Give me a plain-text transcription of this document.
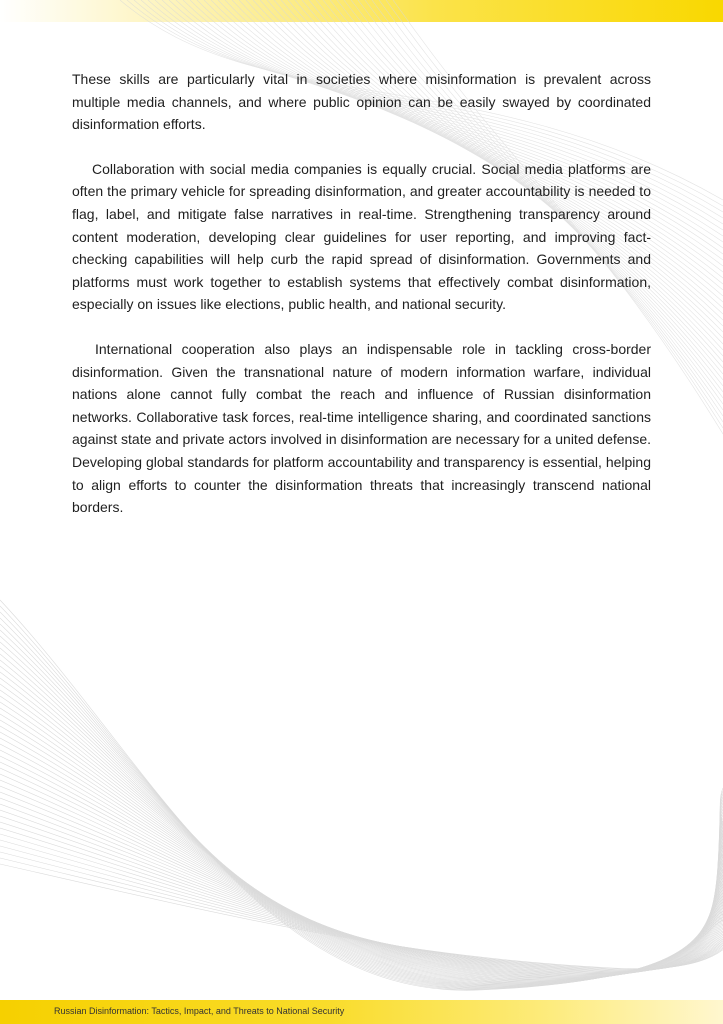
These skills are particularly vital in societies where misinformation is prevalent across multiple media channels, and where public opinion can be easily swayed by coordinated disinformation efforts.

Collaboration with social media companies is equally crucial. Social media platforms are often the primary vehicle for spreading disinformation, and greater accountability is needed to flag, label, and mitigate false narratives in real-time. Strengthening transparency around content moderation, developing clear guidelines for user reporting, and improving fact-checking capabilities will help curb the rapid spread of disinformation. Governments and platforms must work together to establish systems that effectively combat disinformation, especially on issues like elections, public health, and national security.

International cooperation also plays an indispensable role in tackling cross-border disinformation. Given the transnational nature of modern information warfare, individual nations alone cannot fully combat the reach and influence of Russian disinformation networks. Collaborative task forces, real-time intelligence sharing, and coordinated sanctions against state and private actors involved in disinformation are necessary for a united defense. Developing global standards for platform accountability and transparency is essential, helping to align efforts to counter the disinformation threats that increasingly transcend national borders.

Russian Disinformation: Tactics, Impact, and Threats to National Security
